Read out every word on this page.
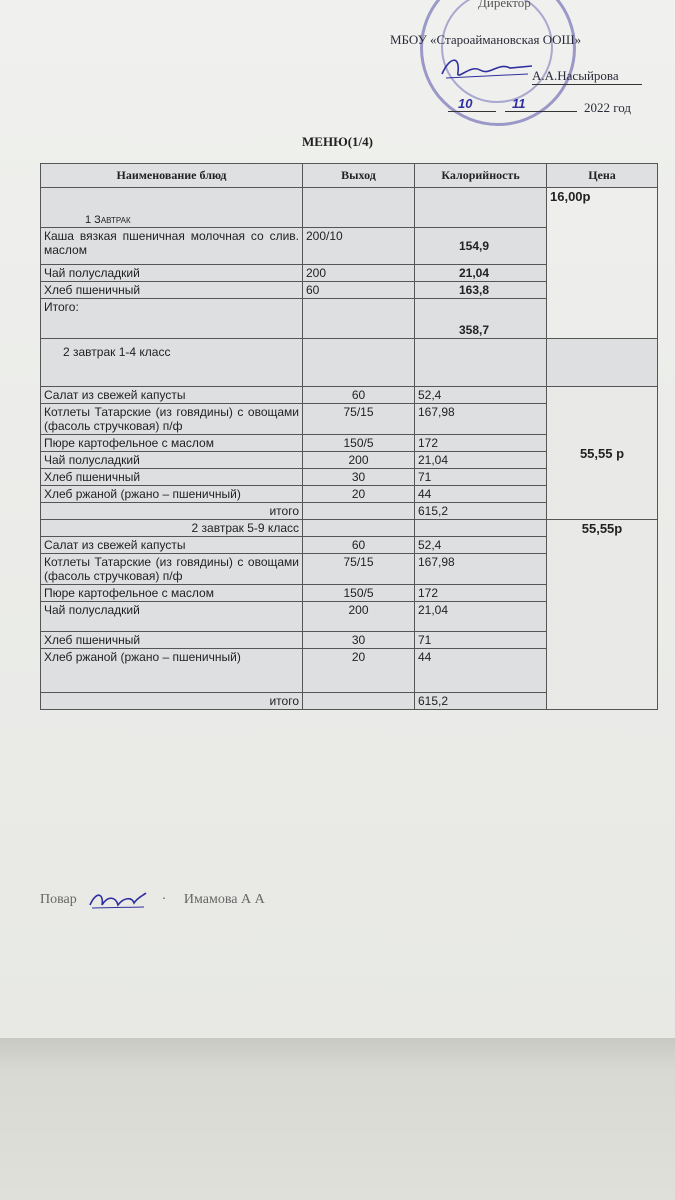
Директор
МБОУ «Староаймановская ООШ»
А.А.Насыйрова
10	11	2022 год
МЕНЮ(1/4)
Наименование блюд	Выход	Калорийность	Цена
1 Завтрак			16,00р
Каша вязкая пшеничная молочная со слив. маслом	200/10	154,9	
Чай полусладкий	200	21,04	
Хлеб пшеничный	60	163,8	
Итого:		358,7	
2 завтрак 1-4 класс			
Салат из свежей капусты	60	52,4	55,55 р
Котлеты Татарские (из говядины) с овощами (фасоль стручковая) п/ф	75/15	167,98	
Пюре картофельное с маслом	150/5	172	
Чай полусладкий	200	21,04	
Хлеб пшеничный	30	71	
Хлеб ржаной (ржано – пшеничный)	20	44	
итого		615,2	
2 завтрак 5-9 класс			55,55р
Салат из свежей капусты	60	52,4	
Котлеты Татарские (из говядины) с овощами (фасоль стручковая) п/ф	75/15	167,98	
Пюре картофельное с маслом	150/5	172	
Чай полусладкий	200	21,04	
Хлеб пшеничный	30	71	
Хлеб ржаной (ржано – пшеничный)	20	44	
итого		615,2	
Повар	· Имамова А А
